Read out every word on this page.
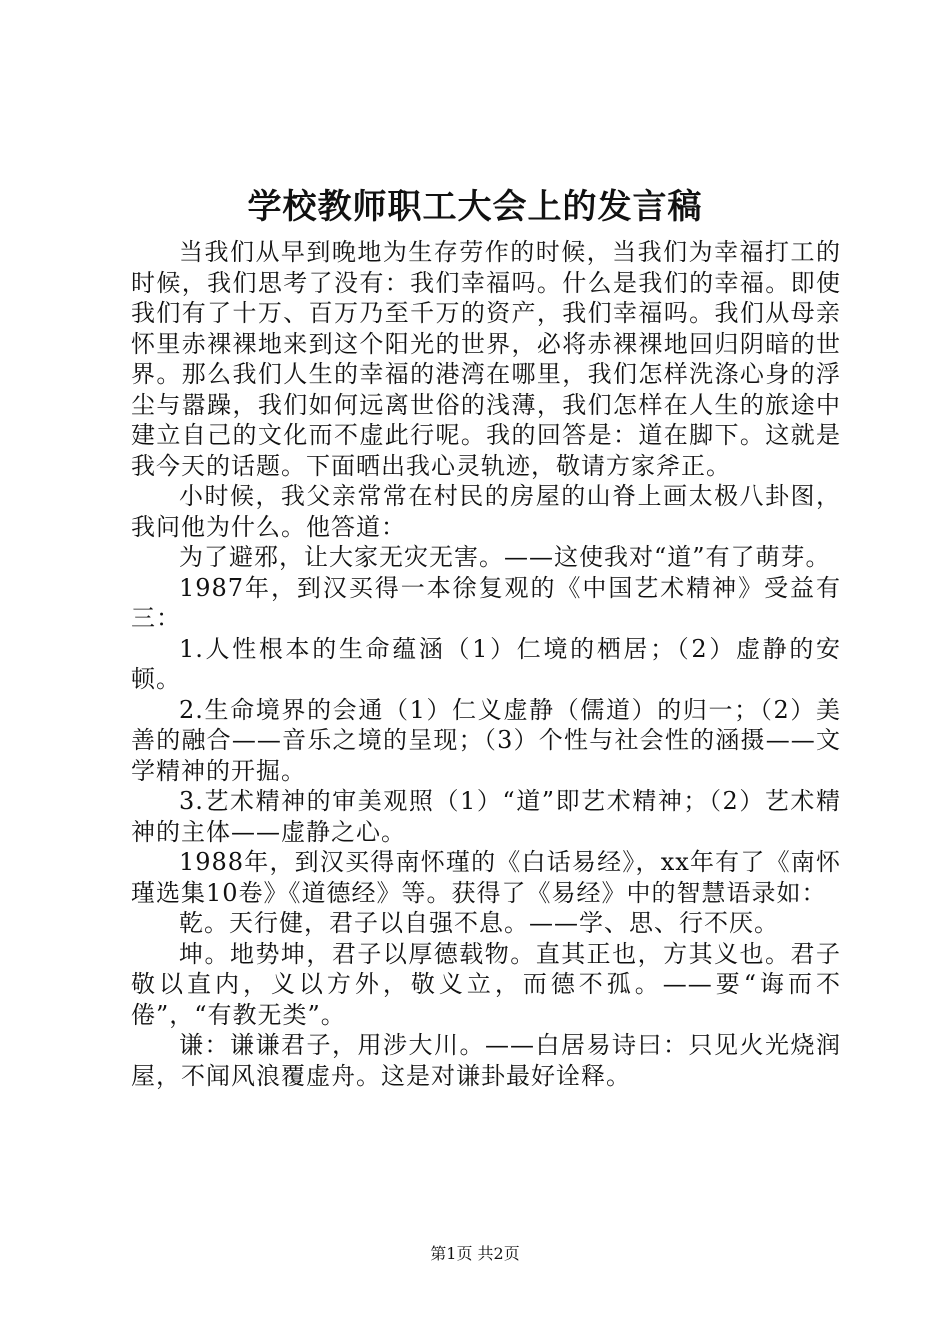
学校教师职工大会上的发言稿

当我们从早到晚地为生存劳作的时候，当我们为幸福打工的时候，我们思考了没有：我们幸福吗。什么是我们的幸福。即使我们有了十万、百万乃至千万的资产，我们幸福吗。我们从母亲怀里赤裸裸地来到这个阳光的世界，必将赤裸裸地回归阴暗的世界。那么我们人生的幸福的港湾在哪里，我们怎样洗涤心身的浮尘与嚣躁，我们如何远离世俗的浅薄，我们怎样在人生的旅途中建立自己的文化而不虚此行呢。我的回答是：道在脚下。这就是我今天的话题。下面晒出我心灵轨迹，敬请方家斧正。

小时候，我父亲常常在村民的房屋的山脊上画太极八卦图，我问他为什么。他答道：

为了避邪，让大家无灾无害。——这使我对“道”有了萌芽。

1987年，到汉买得一本徐复观的《中国艺术精神》受益有三：

1.人性根本的生命蕴涵（1）仁境的栖居；（2）虚静的安顿。

2.生命境界的会通（1）仁义虚静（儒道）的归一；（2）美善的融合——音乐之境的呈现；（3）个性与社会性的涵摄——文学精神的开掘。

3.艺术精神的审美观照（1）“道”即艺术精神；（2）艺术精神的主体——虚静之心。

1988年，到汉买得南怀瑾的《白话易经》，xx年有了《南怀瑾选集10卷》《道德经》等。获得了《易经》中的智慧语录如：

乾。天行健，君子以自强不息。——学、思、行不厌。

坤。地势坤，君子以厚德载物。直其正也，方其义也。君子敬以直内，义以方外，敬义立，而德不孤。——要“诲而不倦”，“有教无类”。

谦：谦谦君子，用涉大川。——白居易诗曰：只见火光烧润屋，不闻风浪覆虚舟。这是对谦卦最好诠释。

第1页 共2页
